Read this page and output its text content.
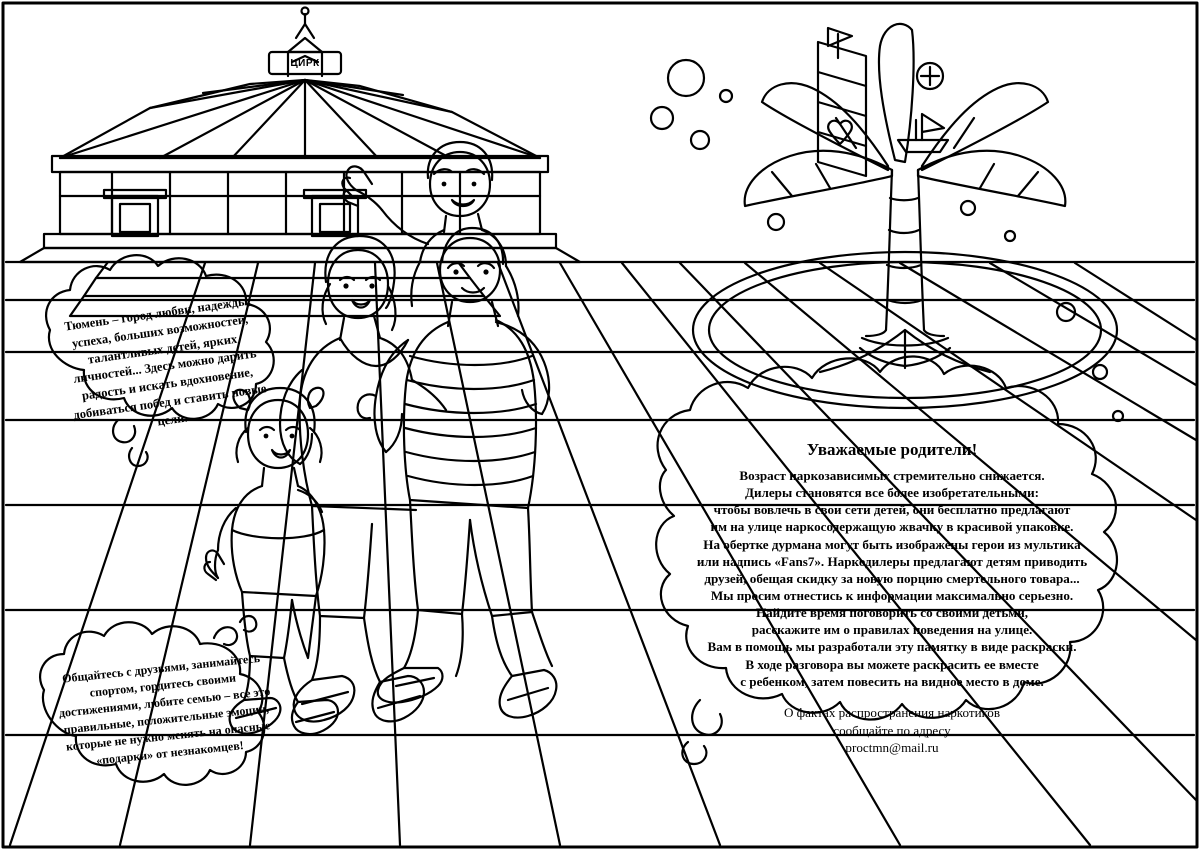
ЦИРК
Тюмень – город любви, надежды, успеха, больших возможностей, талантливых детей, ярких личностей... Здесь можно дарить радость и искать вдохновение, добиваться побед и ставить новые цели.
Общайтесь с друзьями, занимайтесь спортом, гордитесь своими достижениями, любите семью – все это правильные, положительные эмоции, которые не нужно менять на опасные «подарки» от незнакомцев!
Уважаемые родители!

Возраст наркозависимых стремительно снижается.

Дилеры становятся все более изобретательными:

чтобы вовлечь в свои сети детей, они бесплатно предлагают

им на улице наркосодержащую жвачку в красивой упаковке.

На обертке дурмана могут быть изображены герои из мультика

или надпись «Fans7». Наркодилеры предлагают детям приводить

друзей, обещая скидку за новую порцию смертельного товара...

Мы просим отнестись к информации максимально серьезно.

Найдите время поговорить со своими детьми,

расскажите им о правилах поведения на улице.

Вам в помощь мы разработали эту памятку в виде раскраски.

В ходе разговора вы можете раскрасить ее вместе

с ребенком, затем повесить на видное место в доме.

О фактах распространения наркотиков

сообщайте по адресу

proctmn@mail.ru
